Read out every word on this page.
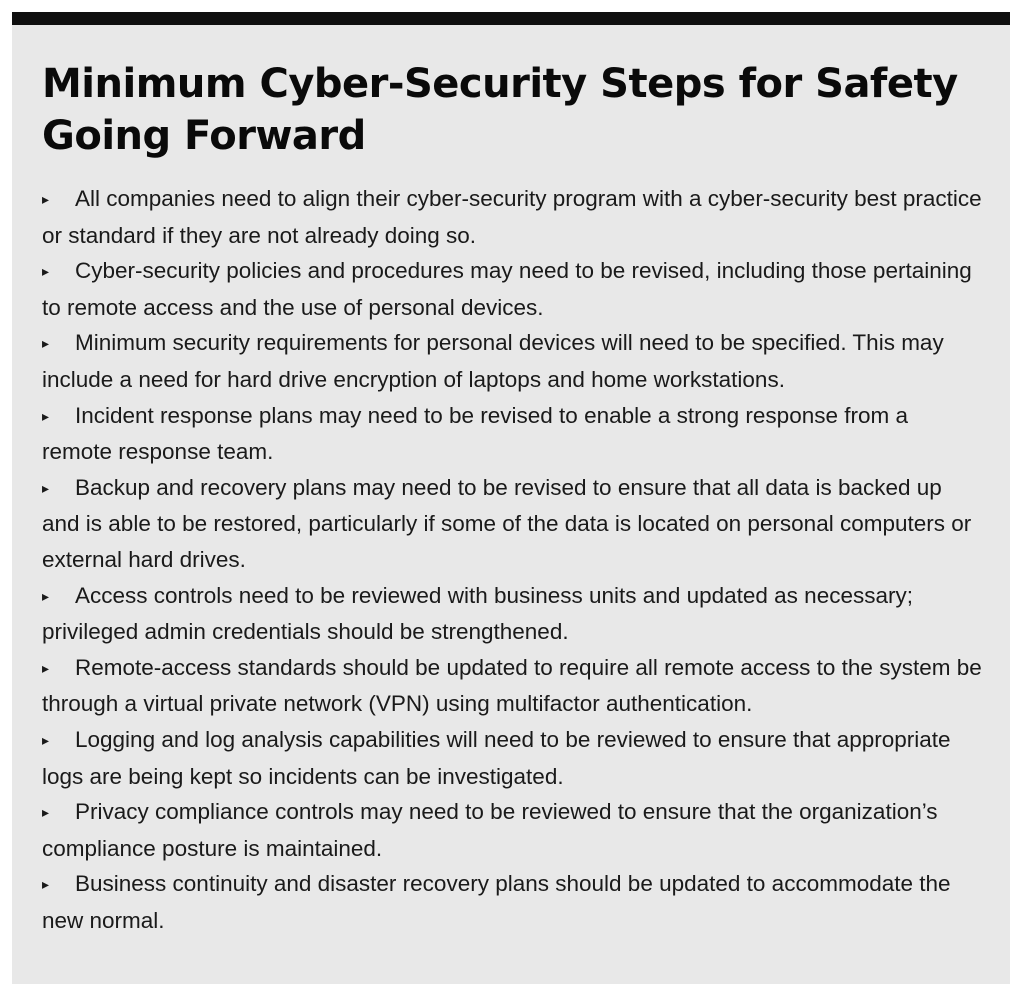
Minimum Cyber-Security Steps for Safety Going Forward
▸ All companies need to align their cyber-security program with a cyber-security best practice or standard if they are not already doing so.
▸ Cyber-security policies and procedures may need to be revised, including those pertaining to remote access and the use of personal devices.
▸ Minimum security requirements for personal devices will need to be specified. This may include a need for hard drive encryption of laptops and home workstations.
▸ Incident response plans may need to be revised to enable a strong response from a remote response team.
▸ Backup and recovery plans may need to be revised to ensure that all data is backed up and is able to be restored, particularly if some of the data is located on personal computers or external hard drives.
▸ Access controls need to be reviewed with business units and updated as necessary; privileged admin credentials should be strengthened.
▸ Remote-access standards should be updated to require all remote access to the system be through a virtual private network (VPN) using multifactor authentication.
▸ Logging and log analysis capabilities will need to be reviewed to ensure that appropriate logs are being kept so incidents can be investigated.
▸ Privacy compliance controls may need to be reviewed to ensure that the organization’s compliance posture is maintained.
▸ Business continuity and disaster recovery plans should be updated to accommodate the new normal.
